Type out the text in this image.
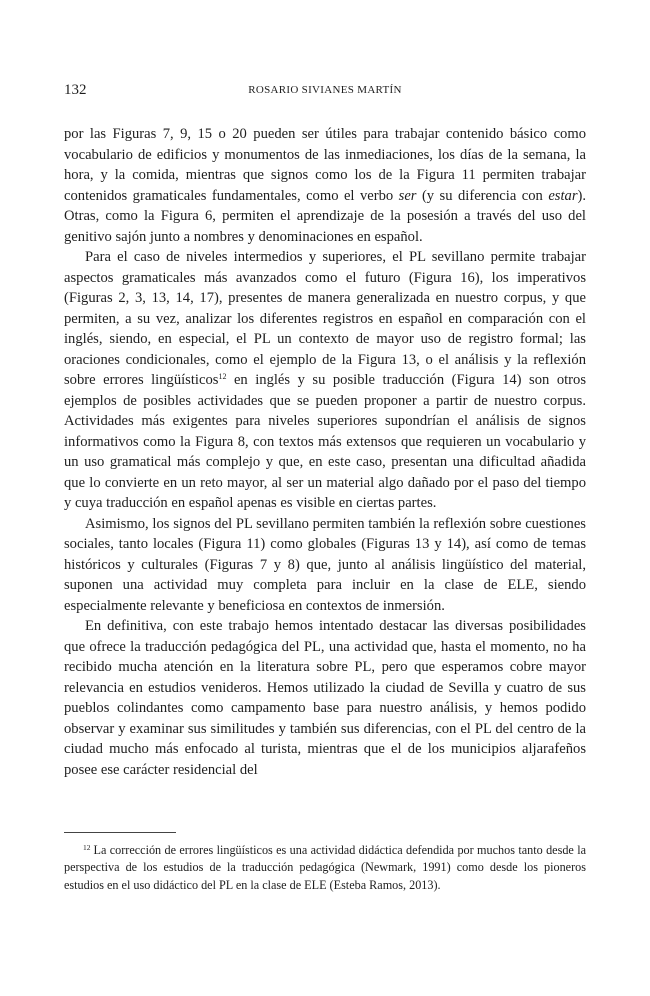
132	ROSARIO SIVIANES MARTÍN

por las Figuras 7, 9, 15 o 20 pueden ser útiles para trabajar contenido básico como vocabulario de edificios y monumentos de las inmediaciones, los días de la semana, la hora, y la comida, mientras que signos como los de la Figura 11 permiten trabajar contenidos gramaticales fundamentales, como el verbo ser (y su diferencia con estar). Otras, como la Figura 6, permiten el aprendizaje de la posesión a través del uso del genitivo sajón junto a nombres y denominaciones en español.

Para el caso de niveles intermedios y superiores, el PL sevillano permite trabajar aspectos gramaticales más avanzados como el futuro (Figura 16), los imperativos (Figuras 2, 3, 13, 14, 17), presentes de manera generalizada en nuestro corpus, y que permiten, a su vez, analizar los diferentes registros en español en comparación con el inglés, siendo, en especial, el PL un contexto de mayor uso de registro formal; las oraciones condicionales, como el ejemplo de la Figura 13, o el análisis y la reflexión sobre errores lingüísticos$^{12}$ en inglés y su posible traducción (Figura 14) son otros ejemplos de posibles actividades que se pueden proponer a partir de nuestro corpus. Actividades más exigentes para niveles superiores supondrían el análisis de signos informativos como la Figura 8, con textos más extensos que requieren un vocabulario y un uso gramatical más complejo y que, en este caso, presentan una dificultad añadida que lo convierte en un reto mayor, al ser un material algo dañado por el paso del tiempo y cuya traducción en español apenas es visible en ciertas partes.

Asimismo, los signos del PL sevillano permiten también la reflexión sobre cuestiones sociales, tanto locales (Figura 11) como globales (Figuras 13 y 14), así como de temas históricos y culturales (Figuras 7 y 8) que, junto al análisis lingüístico del material, suponen una actividad muy completa para incluir en la clase de ELE, siendo especialmente relevante y beneficiosa en contextos de inmersión.

En definitiva, con este trabajo hemos intentado destacar las diversas posibilidades que ofrece la traducción pedagógica del PL, una actividad que, hasta el momento, no ha recibido mucha atención en la literatura sobre PL, pero que esperamos cobre mayor relevancia en estudios venideros. Hemos utilizado la ciudad de Sevilla y cuatro de sus pueblos colindantes como campamento base para nuestro análisis, y hemos podido observar y examinar sus similitudes y también sus diferencias, con el PL del centro de la ciudad mucho más enfocado al turista, mientras que el de los municipios aljarafeños posee ese carácter residencial del

$^{12}$ La corrección de errores lingüísticos es una actividad didáctica defendida por muchos tanto desde la perspectiva de los estudios de la traducción pedagógica (Newmark, 1991) como desde los pioneros estudios en el uso didáctico del PL en la clase de ELE (Esteba Ramos, 2013).
